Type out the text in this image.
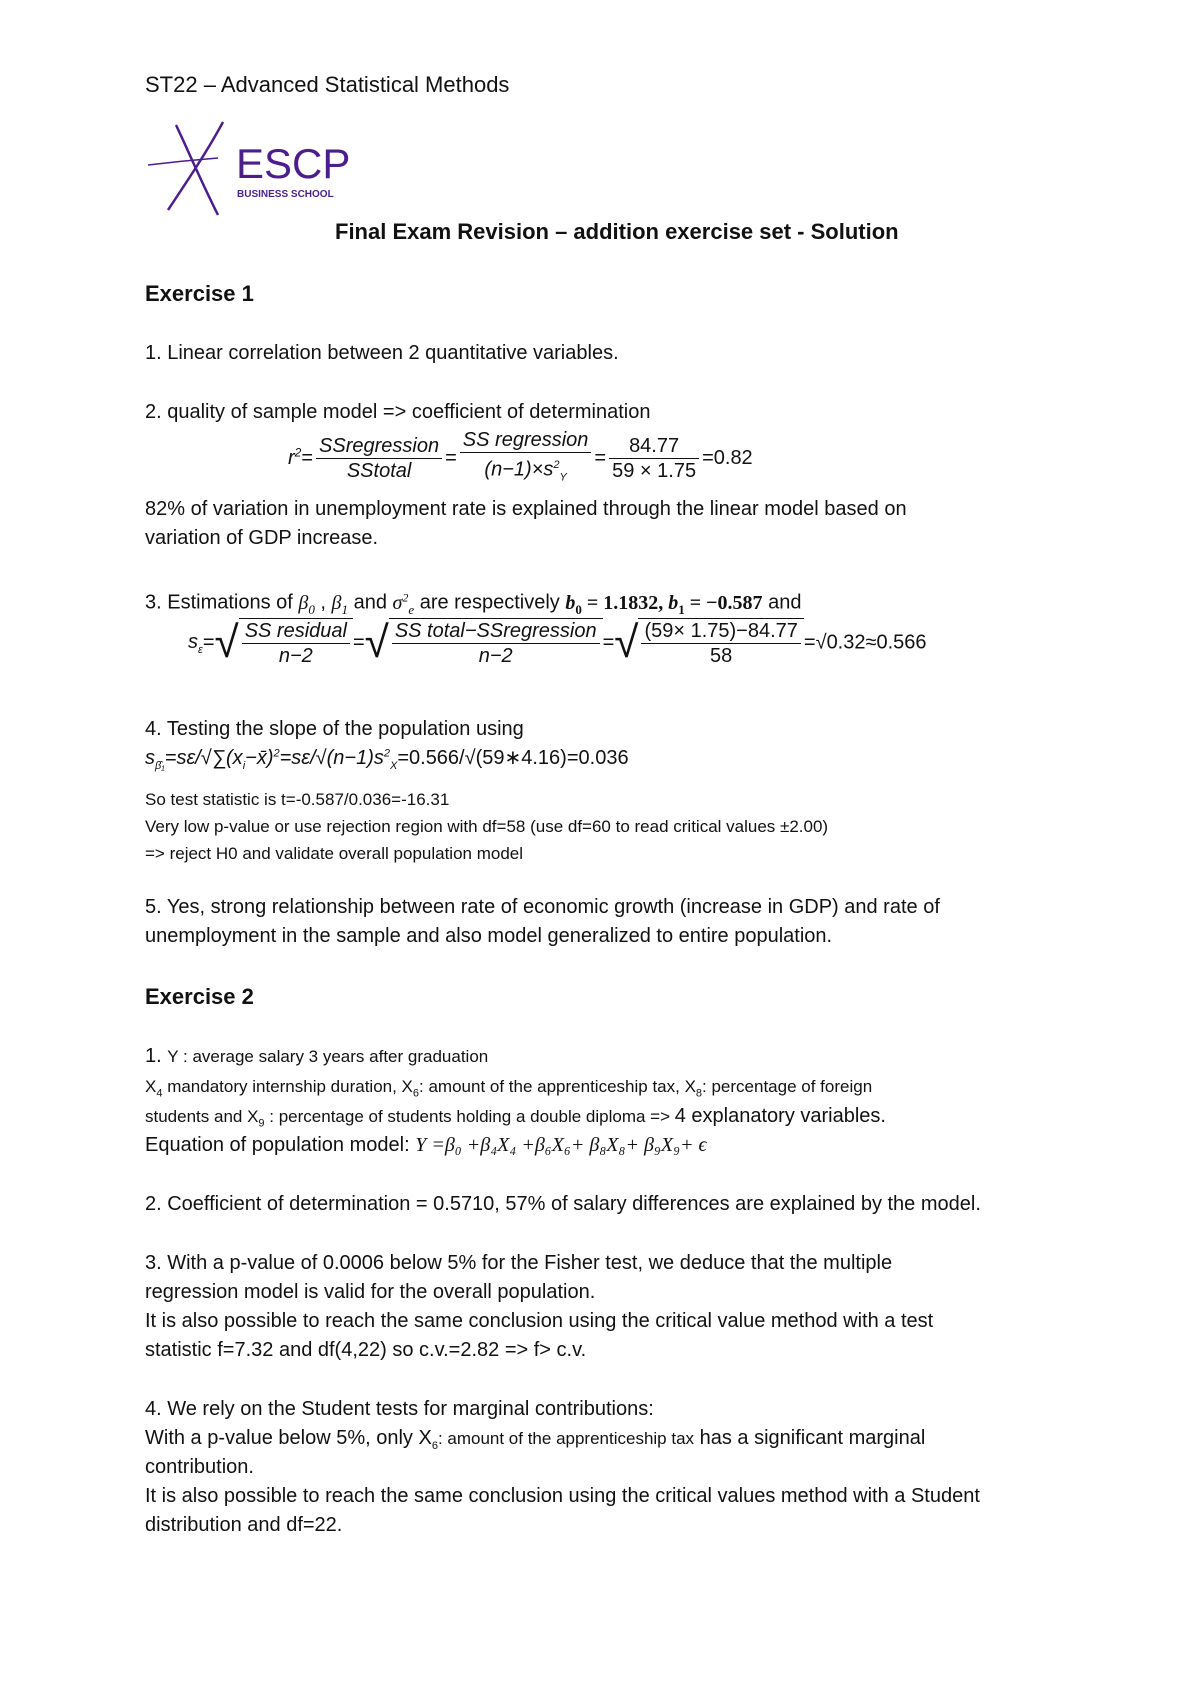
ST22 – Advanced Statistical Methods
ESCP
BUSINESS SCHOOL
Final Exam Revision – addition exercise set - Solution
Exercise 1
1. Linear correlation between 2 quantitative variables.
2. quality of sample model => coefficient of determination
$r^2= \frac{\text{SSregression}}{\text{SStotal}} = \frac{\text{SS regression}}{(n-1)\times s^2_Y} = \frac{84.77}{59 \times 1.75} =0.82$
82% of variation in unemployment rate is explained through the linear model based on
variation of GDP increase.
3. Estimations of $\beta_0$ , $\beta_1$ and $\sigma^2_e$ are respectively $b_0 = 1.1832$, $b_1 = -0.587$ and
$s_\varepsilon=√ \frac{\text{SS residual}}{n-2}$ =√ $\frac{\text{SS total−SSregression}}{n-2}$ =√ $\frac{(59\times 1.75)-84.77}{58} =√0.32\approx 0.566$
4. Testing the slope of the population using
$s_{\betâ_1}=s\varepsilon/√\sum(x_i-x̄)^2=s\varepsilon/√(n-1)s^2_X=0.566/√(59∗4.16)=0.036$
So test statistic is t=-0.587/0.036=-16.31
Very low p-value or use rejection region with df=58 (use df=60 to read critical values ±2.00)
=> reject H0 and validate overall population model
5. Yes, strong relationship between rate of economic growth (increase in GDP) and rate of
unemployment in the sample and also model generalized to entire population.
Exercise 2
1. Y : average salary 3 years after graduation
$X_4$ mandatory internship duration, $X_6$: amount of the apprenticeship tax, $X_8$: percentage of foreign
students and $X_9$ : percentage of students holding a double diploma => 4 explanatory variables.
Equation of population model: Y =β₀ +β₄X₄ +β₆X₆+ β₈X₈+ β₉X₉+ ϵ
2. Coefficient of determination = 0.5710, 57% of salary differences are explained by the model.
3. With a p-value of 0.0006 below 5% for the Fisher test, we deduce that the multiple
regression model is valid for the overall population.
It is also possible to reach the same conclusion using the critical value method with a test
statistic f=7.32 and df(4,22) so c.v.=2.82 => f> c.v.
4. We rely on the Student tests for marginal contributions:
With a p-value below 5%, only $X_6$: amount of the apprenticeship tax has a significant marginal
contribution.
It is also possible to reach the same conclusion using the critical values method with a Student
distribution and df=22.
